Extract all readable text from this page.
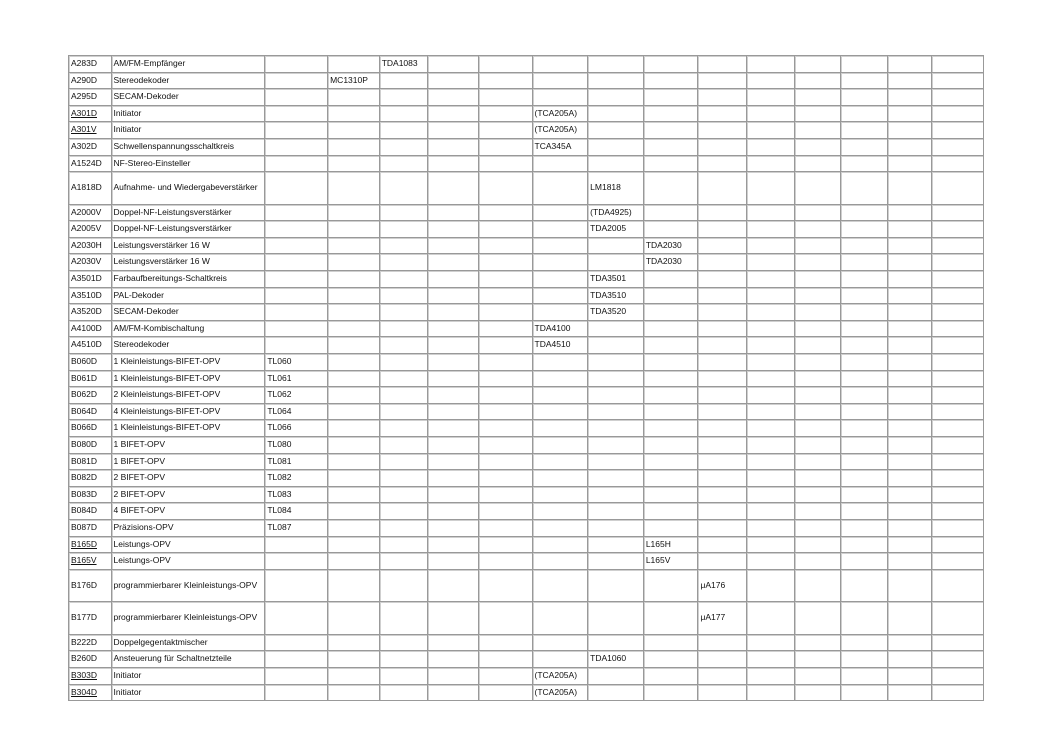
A283D	AM/FM-Empfänger			TDA1083											
A290D	Stereodekoder		MC1310P												
A295D	SECAM-Dekoder														
A301D	Initiator						(TCA205A)								
A301V	Initiator						(TCA205A)								
A302D	Schwellenspannungsschaltkreis						TCA345A								
A1524D	NF-Stereo-Einsteller														
A1818D	Aufnahme- und Wiedergabeverstärker							LM1818							
A2000V	Doppel-NF-Leistungsverstärker							(TDA4925)							
A2005V	Doppel-NF-Leistungsverstärker							TDA2005							
A2030H	Leistungsverstärker 16 W								TDA2030						
A2030V	Leistungsverstärker 16 W								TDA2030						
A3501D	Farbaufbereitungs-Schaltkreis							TDA3501							
A3510D	PAL-Dekoder							TDA3510							
A3520D	SECAM-Dekoder							TDA3520							
A4100D	AM/FM-Kombischaltung						TDA4100								
A4510D	Stereodekoder						TDA4510								
B060D	1 Kleinleistungs-BIFET-OPV	TL060													
B061D	1 Kleinleistungs-BIFET-OPV	TL061													
B062D	2 Kleinleistungs-BIFET-OPV	TL062													
B064D	4 Kleinleistungs-BIFET-OPV	TL064													
B066D	1 Kleinleistungs-BIFET-OPV	TL066													
B080D	1 BIFET-OPV	TL080													
B081D	1 BIFET-OPV	TL081													
B082D	2 BIFET-OPV	TL082													
B083D	2 BIFET-OPV	TL083													
B084D	4 BIFET-OPV	TL084													
B087D	Präzisions-OPV	TL087													
B165D	Leistungs-OPV								L165H						
B165V	Leistungs-OPV								L165V						
B176D	programmierbarer Kleinleistungs-OPV									μA176					
B177D	programmierbarer Kleinleistungs-OPV									μA177					
B222D	Doppelgegentaktmischer														
B260D	Ansteuerung für Schaltnetzteile							TDA1060							
B303D	Initiator						(TCA205A)								
B304D	Initiator						(TCA205A)								
